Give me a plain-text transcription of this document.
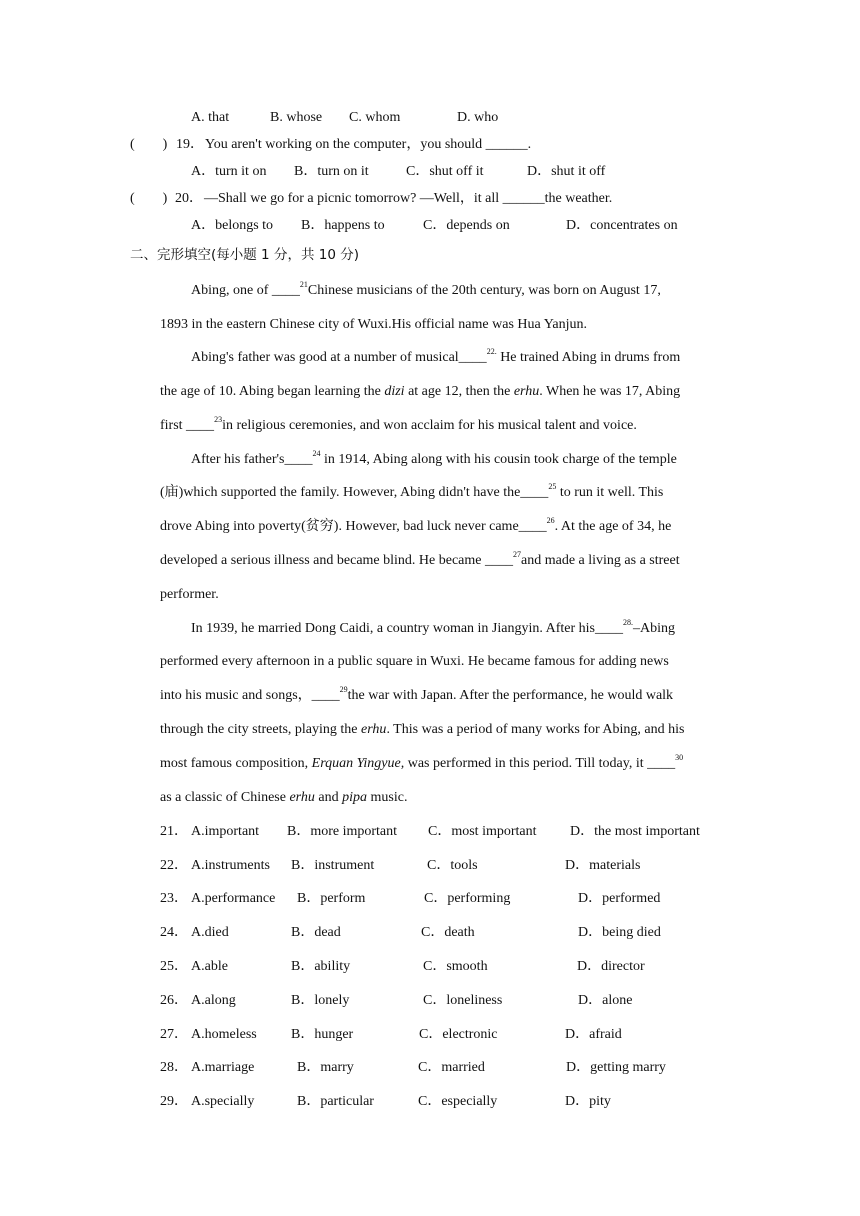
A. that	B. whose C. whom	D. who
(　　) 19． You aren't working on the computer，you should ______.
A．turn it on B．turn on it	C．shut off it	D．shut it off
(　　) 20． —Shall we go for a picnic tomorrow? —Well，it all ______the weather.
A．belongs to B．happens to	C．depends on	D．concentrates on
二、完形填空(每小题 1 分，共 10 分)
Abing, one of ____$^{21}$Chinese musicians of the 20th century, was born on August 17,
1893 in the eastern Chinese city of Wuxi.His official name was Hua Yanjun.
Abing's father was good at a number of musical____$^{22.}$ He trained Abing in drums from
the age of 10. Abing began learning the dizi at age 12, then the erhu. When he was 17, Abing
first ____$^{23}$in religious ceremonies, and won acclaim for his musical talent and voice.
After his father's____$^{24}$ in 1914, Abing along with his cousin took charge of the temple
(庙)which supported the family. However, Abing didn't have the____$^{25}$ to run it well. This
drove Abing into poverty(贫穷). However, bad luck never came____$^{26}$. At the age of 34, he
developed a serious illness and became blind. He became ____$^{27}$and made a living as a street
performer.
In 1939, he married Dong Caidi, a country woman in Jiangyin. After his____$^{28.}$–Abing
performed every afternoon in a public square in Wuxi. He became famous for adding news
into his music and songs，____$^{29}$the war with Japan. After the performance, he would walk
through the city streets, playing the erhu. This was a period of many works for Abing, and his
most famous composition, Erquan Yingyue, was performed in this period. Till today, it ____$^{30}$
as a classic of Chinese erhu and pipa music.
21． A.important B．more important C．most important D．the most important
22． A.instruments B．instrument	C．tools	D．materials
23． A.performance B．perform	C．performing	D．performed
24． A.died	B．dead	C．death	D．being died
25． A.able	B．ability	C．smooth	D．director
26． A.along	B．lonely	C．loneliness	D．alone
27． A.homeless B．hunger	C．electronic	D．afraid
28． A.marriage	B．marry	C．married	D．getting marry
29． A.specially	B．particular	C．especially	D．pity
